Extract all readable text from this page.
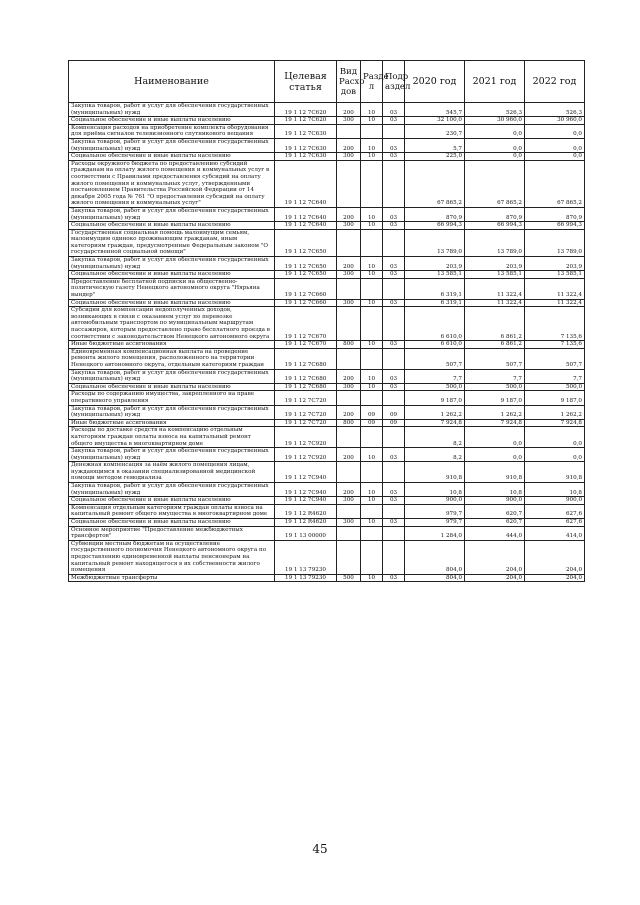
Наименование	Целевая статья	Вид Расхо дов	Разде л	Подр аздел	2020 год	2021 год	2022 год
Закупка товаров, работ и услуг для обеспечения государственных (муниципальных) нужд	19 1 12 7С620	200	10	03	545,7	526,3	526,3
Социальное обеспечение и иные выплаты населению	19 1 12 7С620	300	10	03	32 100,0	30 960,0	30 960,0
Компенсация расходов на приобретение комплекта оборудования для приёма сигналов телевизионного спутникового вещания	19 1 12 7С630				230,7	0,0	0,0
Закупка товаров, работ и услуг для обеспечения государственных (муниципальных) нужд	19 1 12 7С630	200	10	03	5,7	0,0	0,0
Социальное обеспечение и иные выплаты населению	19 1 12 7С630	300	10	03	225,0	0,0	0,0
Расходы окружного бюджета по предоставлению субсидий гражданам на оплату жилого помещения и коммунальных услуг в соответствии с Правилами предоставления субсидий на оплату жилого помещения и коммунальных услуг, утвержденными постановлением Правительства Российской Федерации от 14 декабря 2005 года № 761 "О предоставлении субсидий на оплату жилого помещения и коммунальных услуг"	19 1 12 7С640				67 865,2	67 865,2	67 865,2
Закупка товаров, работ и услуг для обеспечения государственных (муниципальных) нужд	19 1 12 7С640	200	10	03	870,9	870,9	870,9
Социальное обеспечение и иные выплаты населению	19 1 12 7С640	300	10	03	66 994,3	66 994,3	66 994,3
Государственная социальная помощь малоимущим семьям, малоимущим одиноко проживающим гражданам, иным категориям граждан, предусмотренные Федеральным законом "О государственной социальной помощи"	19 1 12 7С650				13 789,0	13 789,0	13 789,0
Закупка товаров, работ и услуг для обеспечения государственных (муниципальных) нужд	19 1 12 7С650	200	10	03	203,9	203,9	203,9
Социальное обеспечение и иные выплаты населению	19 1 12 7С650	300	10	03	13 585,1	13 585,1	13 585,1
Предоставление бесплатной подписки на общественно-политическую газету Ненецкого автономного округа "Нярьяна вындер"	19 1 12 7С660				6 319,1	11 322,4	11 322,4
Социальное обеспечение и иные выплаты населению	19 1 12 7С660	300	10	03	6 319,1	11 322,4	11 322,4
Субсидии для компенсации недополученных доходов, возникающих в связи с оказанием услуг по перевозке автомобильным транспортом по муниципальным маршрутам пассажиров, которым предоставлено право бесплатного проезда в соответствии с законодательством Ненецкого автономного округа	19 1 12 7С670				6 610,0	6 861,2	7 135,6
Иные бюджетные ассигнования	19 1 12 7С670	800	10	03	6 610,0	6 861,2	7 135,6
Единовременная компенсационная выплата на проведение ремонта жилого помещения, расположенного на территории Ненецкого автономного округа, отдельным категориям граждан	19 1 12 7С680				507,7	507,7	507,7
Закупка товаров, работ и услуг для обеспечения государственных (муниципальных) нужд	19 1 12 7С680	200	10	03	7,7	7,7	7,7
Социальное обеспечение и иные выплаты населению	19 1 12 7С680	300	10	03	500,0	500,0	500,0
Расходы по содержанию имущества, закрепленного на праве оперативного управления	19 1 12 7С720				9 187,0	9 187,0	9 187,0
Закупка товаров, работ и услуг для обеспечения государственных (муниципальных) нужд	19 1 12 7С720	200	09	09	1 262,2	1 262,2	1 262,2
Иные бюджетные ассигнования	19 1 12 7С720	800	09	09	7 924,8	7 924,8	7 924,8
Расходы по доставке средств на компенсацию отдельным категориям граждан оплаты взноса на капитальный ремонт общего имущества в многоквартирном доме	19 1 12 7С920				8,2	0,0	0,0
Закупка товаров, работ и услуг для обеспечения государственных (муниципальных) нужд	19 1 12 7С920	200	10	03	8,2	0,0	0,0
Денежная компенсация за наём жилого помещения лицам, нуждающимся в оказании специализированной медицинской помощи методом гемодиализа	19 1 12 7С940				910,8	910,8	910,8
Закупка товаров, работ и услуг для обеспечения государственных (муниципальных) нужд	19 1 12 7С940	200	10	03	10,8	10,8	10,8
Социальное обеспечение и иные выплаты населению	19 1 12 7С940	300	10	03	900,0	900,0	900,0
Компенсация отдельным категориям граждан оплаты взноса на капитальный ремонт общего имущества в многоквартирном доме	19 1 12 R4620				979,7	620,7	627,6
Социальное обеспечение и иные выплаты населению	19 1 12 R4620	300	10	03	979,7	620,7	627,6
Основное мероприятие "Предоставление межбюджетных трансфертов"	19 1 13 00000				1 284,0	444,0	414,0
Субвенции местным бюджетам на осуществление государственного полномочия Ненецкого автономного округа по предоставлению единовременной выплаты пенсионерам на капитальный ремонт находящегося в их собственности жилого помещения	19 1 13 79230				804,0	204,0	204,0
Межбюджетные трансферты	19 1 13 79230	500	10	03	804,0	204,0	204,0
45
